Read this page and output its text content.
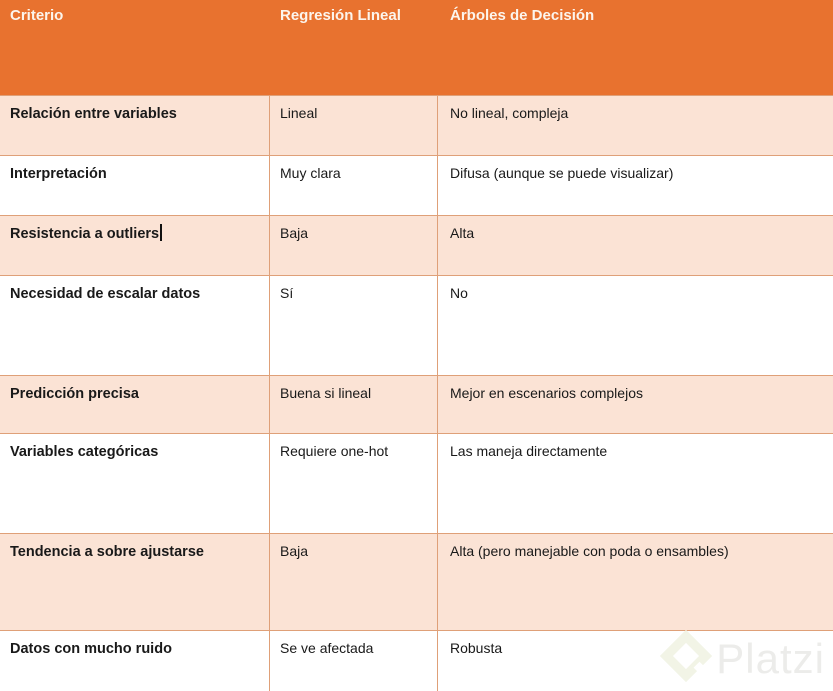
Criterio	Regresión Lineal	Árboles de Decisión
Relación entre variables	Lineal	No lineal, compleja
Interpretación	Muy clara	Difusa (aunque se puede visualizar)
Resistencia a outliers	Baja	Alta
Necesidad de escalar datos	Sí	No
Predicción precisa	Buena si lineal	Mejor en escenarios complejos
Variables categóricas	Requiere one-hot	Las maneja directamente
Tendencia a sobre ajustarse	Baja	Alta (pero manejable con poda o ensambles)
Datos con mucho ruido	Se ve afectada	Robusta	Platzi
